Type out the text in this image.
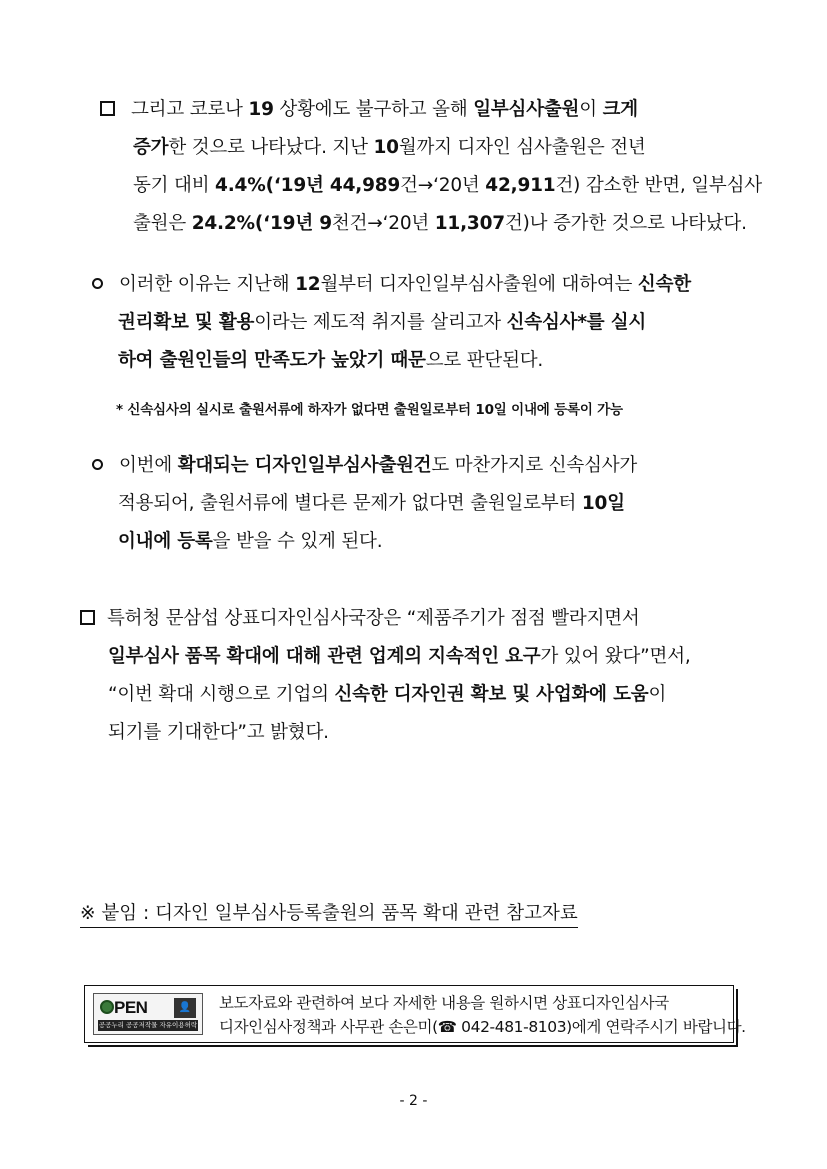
그리고 코로나 19 상황에도 불구하고 올해 일부심사출원이 크게
증가한 것으로 나타났다. 지난 10월까지 디자인 심사출원은 전년
동기 대비 4.4%(‘19년 44,989건→‘20년 42,911건) 감소한 반면, 일부심사
출원은 24.2%(‘19년 9천건→‘20년 11,307건)나 증가한 것으로 나타났다.
이러한 이유는 지난해 12월부터 디자인일부심사출원에 대하여는 신속한
권리확보 및 활용이라는 제도적 취지를 살리고자 신속심사*를 실시
하여 출원인들의 만족도가 높았기 때문으로 판단된다.
* 신속심사의 실시로 출원서류에 하자가 없다면 출원일로부터 10일 이내에 등록이 가능
이번에 확대되는 디자인일부심사출원건도 마찬가지로 신속심사가
적용되어, 출원서류에 별다른 문제가 없다면 출원일로부터 10일
이내에 등록을 받을 수 있게 된다.
특허청 문삼섭 상표디자인심사국장은 “제품주기가 점점 빨라지면서
일부심사 품목 확대에 대해 관련 업계의 지속적인 요구가 있어 왔다”면서,
“이번 확대 시행으로 기업의 신속한 디자인권 확보 및 사업화에 도움이
되기를 기대한다”고 밝혔다.
※ 붙임 : 디자인 일부심사등록출원의 품목 확대 관련 참고자료
PEN	👤
공공누리 공공저작물 자유이용허락
보도자료와 관련하여 보다 자세한 내용을 원하시면 상표디자인심사국
디자인심사정책과 사무관 손은미(☎ 042-481-8103)에게 연락주시기 바랍니다.
- 2 -
